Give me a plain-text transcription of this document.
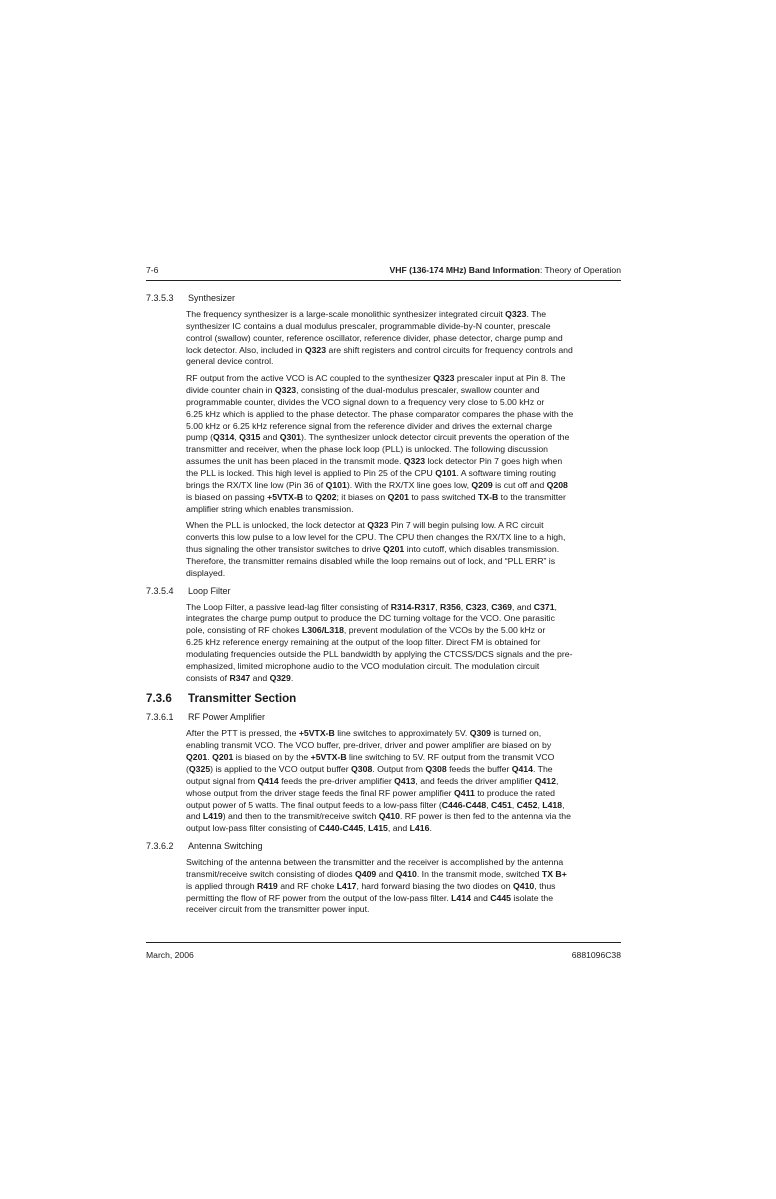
7-6	VHF (136-174 MHz) Band Information: Theory of Operation
7.3.5.3 Synthesizer
The frequency synthesizer is a large-scale monolithic synthesizer integrated circuit Q323. The
synthesizer IC contains a dual modulus prescaler, programmable divide-by-N counter, prescale
control (swallow) counter, reference oscillator, reference divider, phase detector, charge pump and
lock detector. Also, included in Q323 are shift registers and control circuits for frequency controls and
general device control.
RF output from the active VCO is AC coupled to the synthesizer Q323 prescaler input at Pin 8. The
divide counter chain in Q323, consisting of the dual-modulus prescaler, swallow counter and
programmable counter, divides the VCO signal down to a frequency very close to 5.00 kHz or
6.25 kHz which is applied to the phase detector. The phase comparator compares the phase with the
5.00 kHz or 6.25 kHz reference signal from the reference divider and drives the external charge
pump (Q314, Q315 and Q301). The synthesizer unlock detector circuit prevents the operation of the
transmitter and receiver, when the phase lock loop (PLL) is unlocked. The following discussion
assumes the unit has been placed in the transmit mode. Q323 lock detector Pin 7 goes high when
the PLL is locked. This high level is applied to Pin 25 of the CPU Q101. A software timing routing
brings the RX/TX line low (Pin 36 of Q101). With the RX/TX line goes low, Q209 is cut off and Q208
is biased on passing +5VTX-B to Q202; it biases on Q201 to pass switched TX-B to the transmitter
amplifier string which enables transmission.
When the PLL is unlocked, the lock detector at Q323 Pin 7 will begin pulsing low. A RC circuit
converts this low pulse to a low level for the CPU. The CPU then changes the RX/TX line to a high,
thus signaling the other transistor switches to drive Q201 into cutoff, which disables transmission.
Therefore, the transmitter remains disabled while the loop remains out of lock, and “PLL ERR” is
displayed.
7.3.5.4 Loop Filter
The Loop Filter, a passive lead-lag filter consisting of R314-R317, R356, C323, C369, and C371,
integrates the charge pump output to produce the DC turning voltage for the VCO. One parasitic
pole, consisting of RF chokes L306/L318, prevent modulation of the VCOs by the 5.00 kHz or
6.25 kHz reference energy remaining at the output of the loop filter. Direct FM is obtained for
modulating frequencies outside the PLL bandwidth by applying the CTCSS/DCS signals and the pre-
emphasized, limited microphone audio to the VCO modulation circuit. The modulation circuit
consists of R347 and Q329.
7.3.6 Transmitter Section
7.3.6.1 RF Power Amplifier
After the PTT is pressed, the +5VTX-B line switches to approximately 5V. Q309 is turned on,
enabling transmit VCO. The VCO buffer, pre-driver, driver and power amplifier are biased on by
Q201. Q201 is biased on by the +5VTX-B line switching to 5V. RF output from the transmit VCO
(Q325) is applied to the VCO output buffer Q308. Output from Q308 feeds the buffer Q414. The
output signal from Q414 feeds the pre-driver amplifier Q413, and feeds the driver amplifier Q412,
whose output from the driver stage feeds the final RF power amplifier Q411 to produce the rated
output power of 5 watts. The final output feeds to a low-pass filter (C446-C448, C451, C452, L418,
and L419) and then to the transmit/receive switch Q410. RF power is then fed to the antenna via the
output low-pass filter consisting of C440-C445, L415, and L416.
7.3.6.2 Antenna Switching
Switching of the antenna between the transmitter and the receiver is accomplished by the antenna
transmit/receive switch consisting of diodes Q409 and Q410. In the transmit mode, switched TX B+
is applied through R419 and RF choke L417, hard forward biasing the two diodes on Q410, thus
permitting the flow of RF power from the output of the low-pass filter. L414 and C445 isolate the
receiver circuit from the transmitter power input.
March, 2006	6881096C38
